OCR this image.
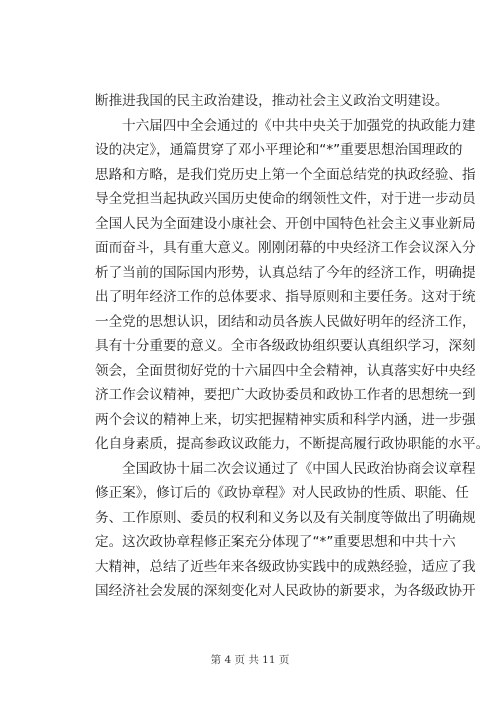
断推进我国的民主政治建设，推动社会主义政治文明建设。
十六届四中全会通过的《中共中央关于加强党的执政能力建
设的决定》，通篇贯穿了邓小平理论和“*”重要思想治国理政的
思路和方略，是我们党历史上第一个全面总结党的执政经验、指
导全党担当起执政兴国历史使命的纲领性文件，对于进一步动员
全国人民为全面建设小康社会、开创中国特色社会主义事业新局
面而奋斗，具有重大意义。刚刚闭幕的中央经济工作会议深入分
析了当前的国际国内形势，认真总结了今年的经济工作，明确提
出了明年经济工作的总体要求、指导原则和主要任务。这对于统
一全党的思想认识，团结和动员各族人民做好明年的经济工作，
具有十分重要的意义。全市各级政协组织要认真组织学习，深刻
领会，全面贯彻好党的十六届四中全会精神，认真落实好中央经
济工作会议精神，要把广大政协委员和政协工作者的思想统一到
两个会议的精神上来，切实把握精神实质和科学内涵，进一步强
化自身素质，提高参政议政能力，不断提高履行政协职能的水平。
全国政协十届二次会议通过了《中国人民政治协商会议章程
修正案》，修订后的《政协章程》对人民政协的性质、职能、任
务、工作原则、委员的权利和义务以及有关制度等做出了明确规
定。这次政协章程修正案充分体现了“*”重要思想和中共十六
大精神，总结了近些年来各级政协实践中的成熟经验，适应了我
国经济社会发展的深刻变化对人民政协的新要求，为各级政协开
第 4 页 共 11 页
